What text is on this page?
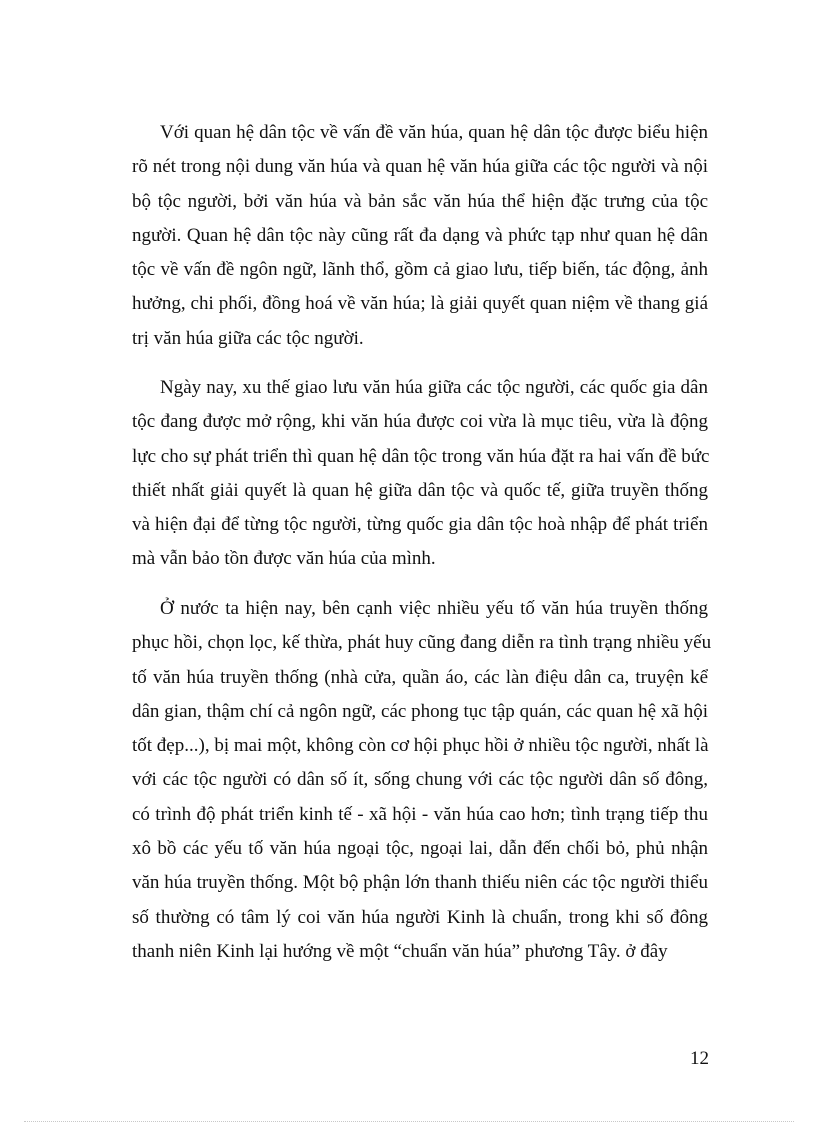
Với quan hệ dân tộc về vấn đề văn húa, quan hệ dân tộc được biểu hiện
rõ nét trong nội dung văn húa và quan hệ văn húa giữa các tộc người và nội
bộ tộc người, bởi văn húa và bản sắc văn húa thể hiện đặc trưng của tộc
người. Quan hệ dân tộc này cũng rất đa dạng và phức tạp như quan hệ dân
tộc về vấn đề ngôn ngữ, lãnh thổ, gồm cả giao lưu, tiếp biến, tác động, ảnh
hưởng, chi phối, đồng hoá về văn húa; là giải quyết quan niệm về thang giá
trị văn húa giữa các tộc người.
Ngày nay, xu thế giao lưu văn húa giữa các tộc người, các quốc gia dân
tộc đang được mở rộng, khi văn húa được coi vừa là mục tiêu, vừa là động
lực cho sự phát triển thì quan hệ dân tộc trong văn húa đặt ra hai vấn đề bức
thiết nhất giải quyết là quan hệ giữa dân tộc và quốc tế, giữa truyền thống
và hiện đại để từng tộc người, từng quốc gia dân tộc hoà nhập để phát triển
mà vẫn bảo tồn được văn húa của mình.
Ở nước ta hiện nay, bên cạnh việc nhiều yếu tố văn húa truyền thống
phục hồi, chọn lọc, kế thừa, phát huy cũng đang diễn ra tình trạng nhiều yếu
tố văn húa truyền thống (nhà cửa, quần áo, các làn điệu dân ca, truyện kể
dân gian, thậm chí cả ngôn ngữ, các phong tục tập quán, các quan hệ xã hội
tốt đẹp...), bị mai một, không còn cơ hội phục hồi ở nhiều tộc người, nhất là
với các tộc người có dân số ít, sống chung với các tộc người dân số đông,
có trình độ phát triển kinh tế - xã hội - văn húa cao hơn; tình trạng tiếp thu
xô bồ các yếu tố văn húa ngoại tộc, ngoại lai, dẫn đến chối bỏ, phủ nhận
văn húa truyền thống. Một bộ phận lớn thanh thiếu niên các tộc người thiểu
số thường có tâm lý coi văn húa người Kinh là chuẩn, trong khi số đông
thanh niên Kinh lại hướng về một “chuẩn văn húa” phương Tây. ở đây
12
